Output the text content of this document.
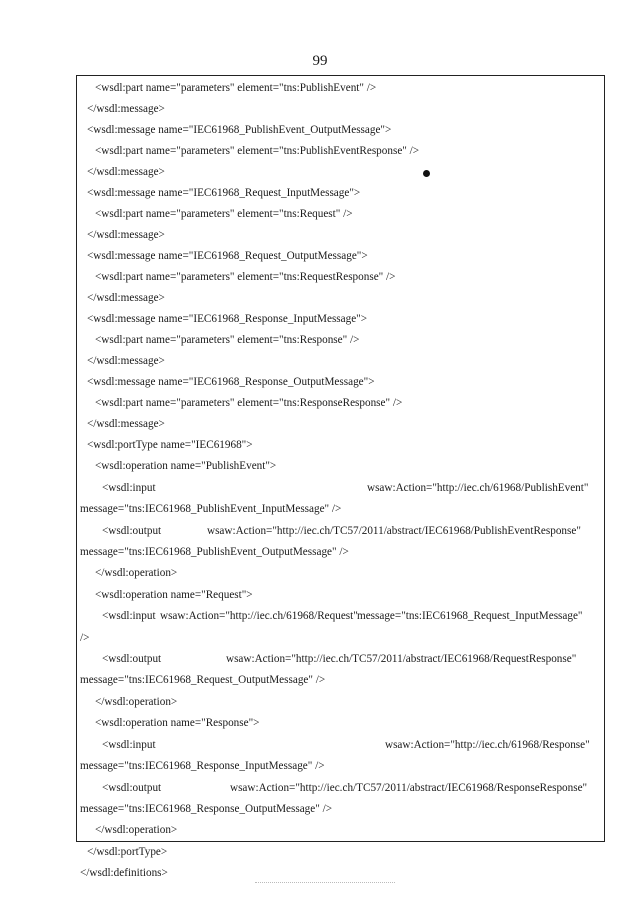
99
<wsdl:part name="parameters" element="tns:PublishEvent" />
</wsdl:message>
<wsdl:message name="IEC61968_PublishEvent_OutputMessage">
<wsdl:part name="parameters" element="tns:PublishEventResponse" />
</wsdl:message>
<wsdl:message name="IEC61968_Request_InputMessage">
<wsdl:part name="parameters" element="tns:Request" />
</wsdl:message>
<wsdl:message name="IEC61968_Request_OutputMessage">
<wsdl:part name="parameters" element="tns:RequestResponse" />
</wsdl:message>
<wsdl:message name="IEC61968_Response_InputMessage">
<wsdl:part name="parameters" element="tns:Response" />
</wsdl:message>
<wsdl:message name="IEC61968_Response_OutputMessage">
<wsdl:part name="parameters" element="tns:ResponseResponse" />
</wsdl:message>
<wsdl:portType name="IEC61968">
<wsdl:operation name="PublishEvent">
<wsdl:input	wsaw:Action="http://iec.ch/61968/PublishEvent"
message="tns:IEC61968_PublishEvent_InputMessage" />
<wsdl:output	wsaw:Action="http://iec.ch/TC57/2011/abstract/IEC61968/PublishEventResponse"
message="tns:IEC61968_PublishEvent_OutputMessage" />
</wsdl:operation>
<wsdl:operation name="Request">
<wsdl:input wsaw:Action="http://iec.ch/61968/Request" message="tns:IEC61968_Request_InputMessage"
/>
<wsdl:output	wsaw:Action="http://iec.ch/TC57/2011/abstract/IEC61968/RequestResponse"
message="tns:IEC61968_Request_OutputMessage" />
</wsdl:operation>
<wsdl:operation name="Response">
<wsdl:input	wsaw:Action="http://iec.ch/61968/Response"
message="tns:IEC61968_Response_InputMessage" />
<wsdl:output	wsaw:Action="http://iec.ch/TC57/2011/abstract/IEC61968/ResponseResponse"
message="tns:IEC61968_Response_OutputMessage" />
</wsdl:operation>
</wsdl:portType>
</wsdl:definitions>
